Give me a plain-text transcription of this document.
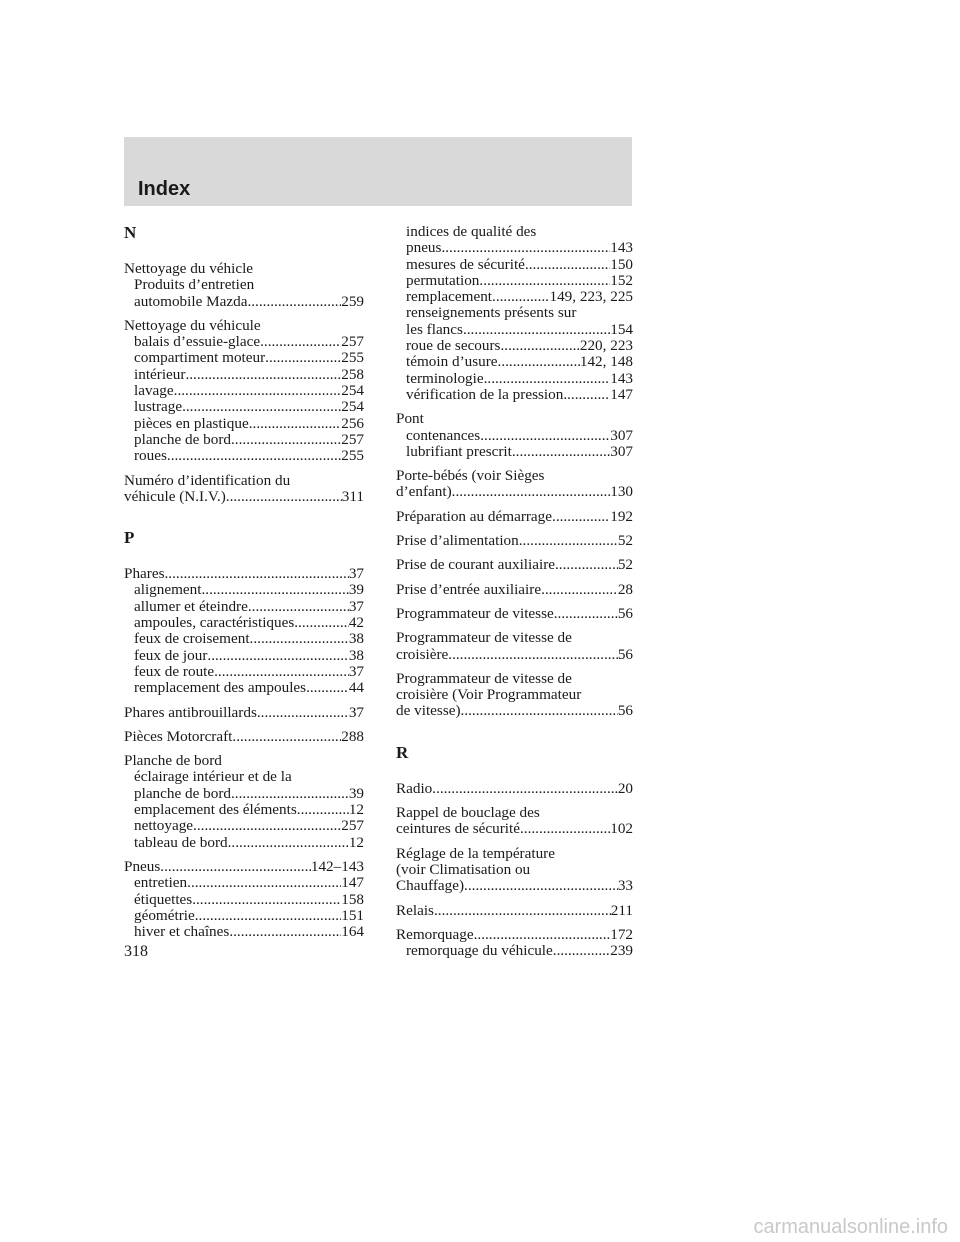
Index
N
Nettoyage du véhicle
Produits d’entretien
automobile Mazda .....	259
Nettoyage du véhicule
balais d’essuie-glace .....	257
compartiment moteur .....	255
intérieur .....	258
lavage .....	254
lustrage .....	254
pièces en plastique .....	256
planche de bord .....	257
roues .....	255
Numéro d’identification du
véhicule (N.I.V.) .....	311
P
Phares .....	37
alignement .....	39
allumer et éteindre .....	37
ampoules, caractéristiques .....	42
feux de croisement .....	38
feux de jour .....	38
feux de route .....	37
remplacement des ampoules .....	44
Phares antibrouillards .....	37
Pièces Motorcraft .....	288
Planche de bord
éclairage intérieur et de la
planche de bord .....	39
emplacement des éléments .....	12
nettoyage .....	257
tableau de bord .....	12
Pneus .....	142–143
entretien .....	147
étiquettes .....	158
géométrie .....	151
hiver et chaînes .....	164
indices de qualité des
pneus .....	143
mesures de sécurité .....	150
permutation .....	152
remplacement .....	149, 223, 225
renseignements présents sur
les flancs .....	154
roue de secours .....	220, 223
témoin d’usure .....	142, 148
terminologie .....	143
vérification de la pression .....	147
Pont
contenances .....	307
lubrifiant prescrit .....	307
Porte-bébés (voir Sièges
d’enfant) .....	130
Préparation au démarrage .....	192
Prise d’alimentation .....	52
Prise de courant auxiliaire .....	52
Prise d’entrée auxiliaire .....	28
Programmateur de vitesse .....	56
Programmateur de vitesse de
croisière .....	56
Programmateur de vitesse de
croisière (Voir Programmateur
de vitesse) .....	56
R
Radio .....	20
Rappel de bouclage des
ceintures de sécurité .....	102
Réglage de la température
(voir Climatisation ou
Chauffage) .....	33
Relais .....	211
Remorquage .....	172
remorquage du véhicule .....	239
318
carmanualsonline.info
